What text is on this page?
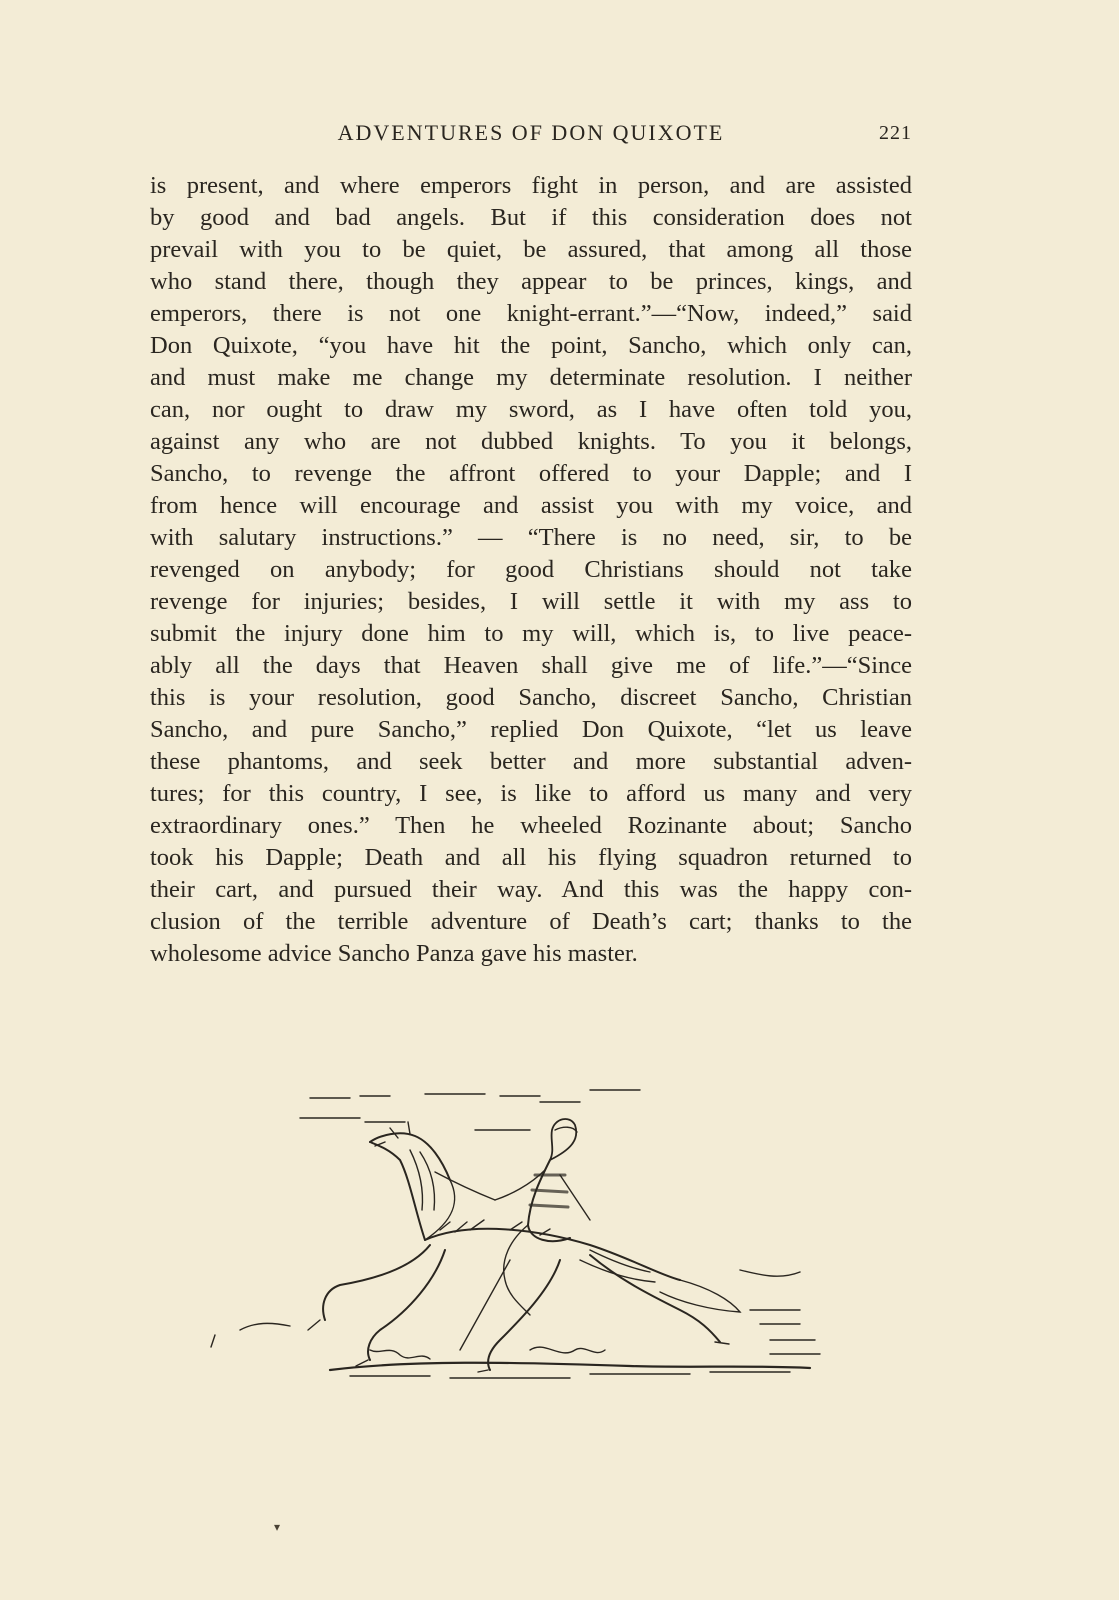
ADVENTURES OF DON QUIXOTE	221
is present, and where emperors fight in person, and are assisted
by good and bad angels. But if this consideration does not
prevail with you to be quiet, be assured, that among all those
who stand there, though they appear to be princes, kings, and
emperors, there is not one knight-errant.”—“Now, indeed,” said
Don Quixote, “you have hit the point, Sancho, which only can,
and must make me change my determinate resolution. I neither
can, nor ought to draw my sword, as I have often told you,
against any who are not dubbed knights. To you it belongs,
Sancho, to revenge the affront offered to your Dapple; and I
from hence will encourage and assist you with my voice, and
with salutary instructions.” — “There is no need, sir, to be
revenged on anybody; for good Christians should not take
revenge for injuries; besides, I will settle it with my ass to
submit the injury done him to my will, which is, to live peace-
ably all the days that Heaven shall give me of life.”—“Since
this is your resolution, good Sancho, discreet Sancho, Christian
Sancho, and pure Sancho,” replied Don Quixote, “let us leave
these phantoms, and seek better and more substantial adven-
tures; for this country, I see, is like to afford us many and very
extraordinary ones.” Then he wheeled Rozinante about; Sancho
took his Dapple; Death and all his flying squadron returned to
their cart, and pursued their way. And this was the happy con-
clusion of the terrible adventure of Death’s cart; thanks to the
wholesome advice Sancho Panza gave his master.
▾
